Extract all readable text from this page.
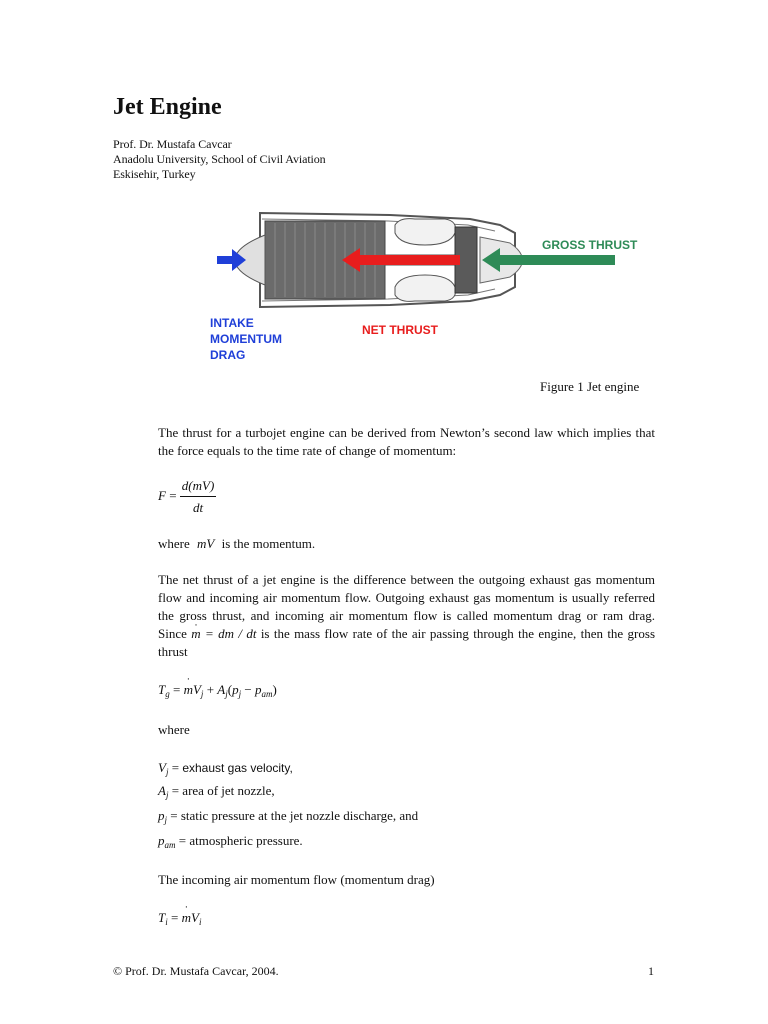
Jet Engine
Prof. Dr. Mustafa Cavcar
Anadolu University, School of Civil Aviation
Eskisehir, Turkey
GROSS THRUST
INTAKE
MOMENTUM
DRAG
NET THRUST
Figure 1 Jet engine
The thrust for a turbojet engine can be derived from Newton’s second law which implies that the force equals to the time rate of change of momentum:
$F = \frac{d(mV)}{dt}$
where mV is the momentum.
The net thrust of a jet engine is the difference between the outgoing exhaust gas momentum flow and incoming air momentum flow. Outgoing exhaust gas momentum is usually referred the gross thrust, and incoming air momentum flow is called momentum drag or ram drag. Since ˙ m = dm / dt is the mass flow rate of the air passing through the engine, then the gross thrust
$T_g$ = ˙ $mV_j + A_j(p_j - p_{am})$
where
$V_j$ = exhaust gas velocity,
$A_j$ = area of jet nozzle,
$p_j$ = static pressure at the jet nozzle discharge, and
$p_{am}$ = atmospheric pressure.
The incoming air momentum flow (momentum drag)
$T_i$ = ˙ $mV_i$
© Prof. Dr. Mustafa Cavcar, 2004.	1
